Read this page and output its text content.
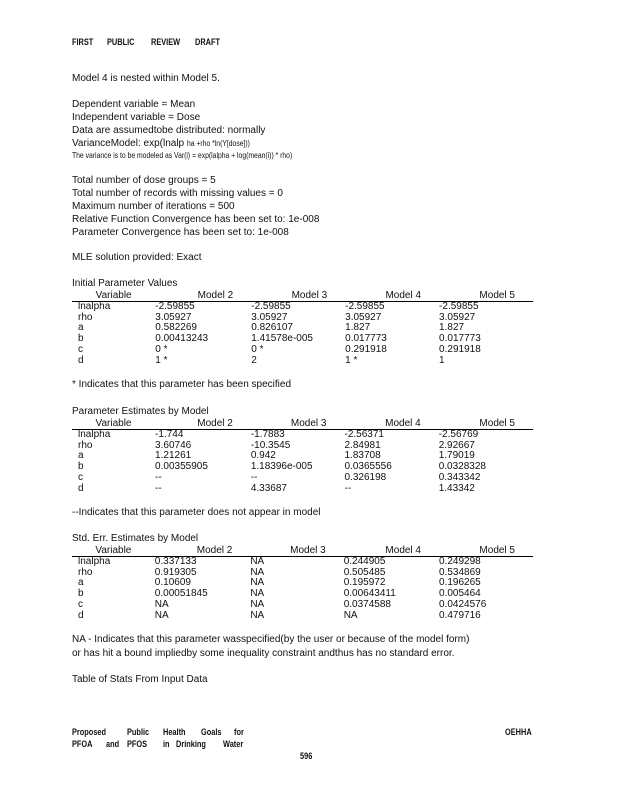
FIRST PUBLIC REVIEW DRAFT
Model 4 is nested within Model 5.
Dependent variable = Mean
Independent variable = Dose
Data are assumedtobe distributed: normally
VarianceModel: exp(lnalp ha +rho *ln(Y[dose]))
The variance is to be modeled as Var(i) = exp(lalpha + log(mean(i)) * rho)
Total number of dose groups = 5
Total number of records with missing values = 0
Maximum number of iterations = 500
Relative Function Convergence has been set to: 1e-008
Parameter Convergence has been set to: 1e-008
MLE solution provided: Exact
Initial Parameter Values
Variable	Model 2	Model 3	Model 4	Model 5
lnalpha	-2.59855	-2.59855	-2.59855	-2.59855
rho	3.05927	3.05927	3.05927	3.05927
a	0.582269	0.826107	1.827	1.827
b	0.00413243	1.41578e-005	0.017773	0.017773
c	0 *	0 *	0.291918	0.291918
d	1 *	2	1 *	1
* Indicates that this parameter has been specified
Parameter Estimates by Model
Variable	Model 2	Model 3	Model 4	Model 5
lnalpha	-1.744	-1.7883	-2.56371	-2.56769
rho	3.60746	-10.3545	2.84981	2.92667
a	1.21261	0.942	1.83708	1.79019
b	0.00355905	1.18396e-005	0.0365556	0.0328328
c	--	--	0.326198	0.343342
d	--	4.33687	--	1.43342
--Indicates that this parameter does not appear in model
Std. Err. Estimates by Model
Variable	Model 2	Model 3	Model 4	Model 5
lnalpha	0.337133	NA	0.244905	0.249298
rho	0.919305	NA	0.505485	0.534869
a	0.10609	NA	0.195972	0.196265
b	0.00051845	NA	0.00643411	0.005464
c	NA	NA	0.0374588	0.0424576
d	NA	NA	NA	0.479716
NA - Indicates that this parameter wasspecified(by the user or because of the model form)
or has hit a bound impliedby some inequality constraint andthus has no standard error.
Table of Stats From Input Data
Proposed Public Health Goals for
PFOA and PFOS in Drinking Water
OEHHA
596
